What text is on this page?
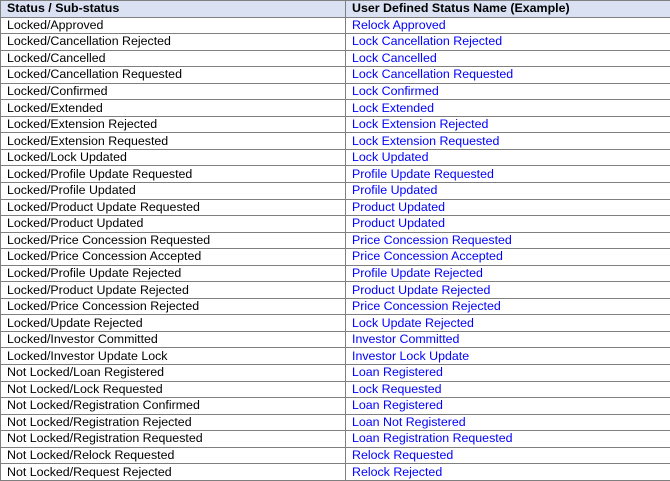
Status / Sub-status	User Defined Status Name (Example)
Locked/Approved	Relock Approved
Locked/Cancellation Rejected	Lock Cancellation Rejected
Locked/Cancelled	Lock Cancelled
Locked/Cancellation Requested	Lock Cancellation Requested
Locked/Confirmed	Lock Confirmed
Locked/Extended	Lock Extended
Locked/Extension Rejected	Lock Extension Rejected
Locked/Extension Requested	Lock Extension Requested
Locked/Lock Updated	Lock Updated
Locked/Profile Update Requested	Profile Update Requested
Locked/Profile Updated	Profile Updated
Locked/Product Update Requested	Product Updated
Locked/Product Updated	Product Updated
Locked/Price Concession Requested	Price Concession Requested
Locked/Price Concession Accepted	Price Concession Accepted
Locked/Profile Update Rejected	Profile Update Rejected
Locked/Product Update Rejected	Product Update Rejected
Locked/Price Concession Rejected	Price Concession Rejected
Locked/Update Rejected	Lock Update Rejected
Locked/Investor Committed	Investor Committed
Locked/Investor Update Lock	Investor Lock Update
Not Locked/Loan Registered	Loan Registered
Not Locked/Lock Requested	Lock Requested
Not Locked/Registration Confirmed	Loan Registered
Not Locked/Registration Rejected	Loan Not Registered
Not Locked/Registration Requested	Loan Registration Requested
Not Locked/Relock Requested	Relock Requested
Not Locked/Request Rejected	Relock Rejected
